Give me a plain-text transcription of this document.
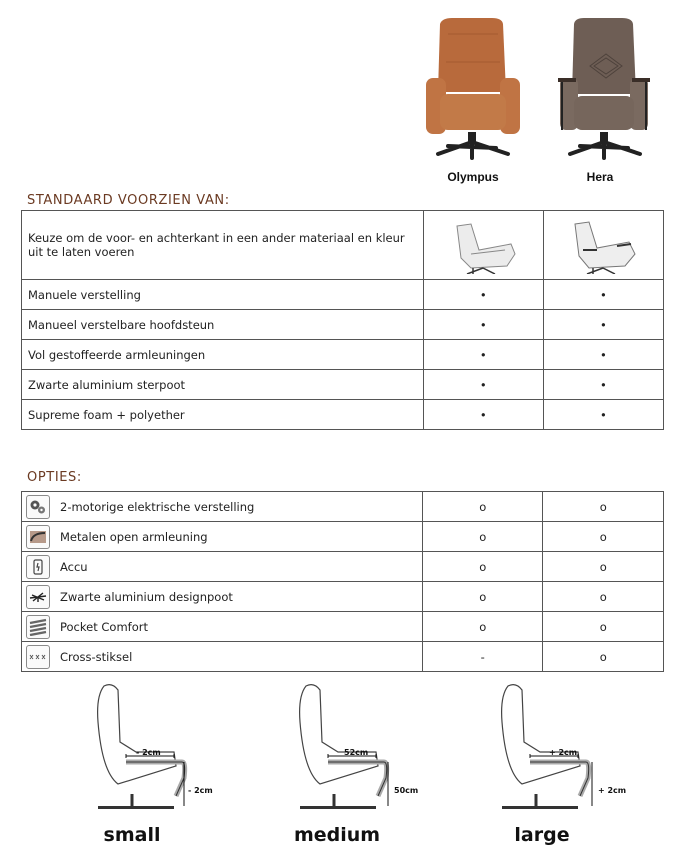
Olympus	Hera
STANDAARD VOORZIEN VAN:
Keuze om de voor- en achterkant in een ander materiaal en kleur uit te laten voeren		
Manuele verstelling	•	•
Manueel verstelbare hoofdsteun	•	•
Vol gestoffeerde armleuningen	•	•
Zwarte aluminium sterpoot	•	•
Supreme foam + polyether	•	•
OPTIES:
2-motorige elektrische verstelling	o	o

Metalen open armleuning	o	o

Accu	o	o

Zwarte aluminium designpoot	o	o

Pocket Comfort	o	o

Cross-stiksel	-	o
- 2cm
- 2cm
52cm
50cm
+ 2cm
+ 2cm
small	medium	large
